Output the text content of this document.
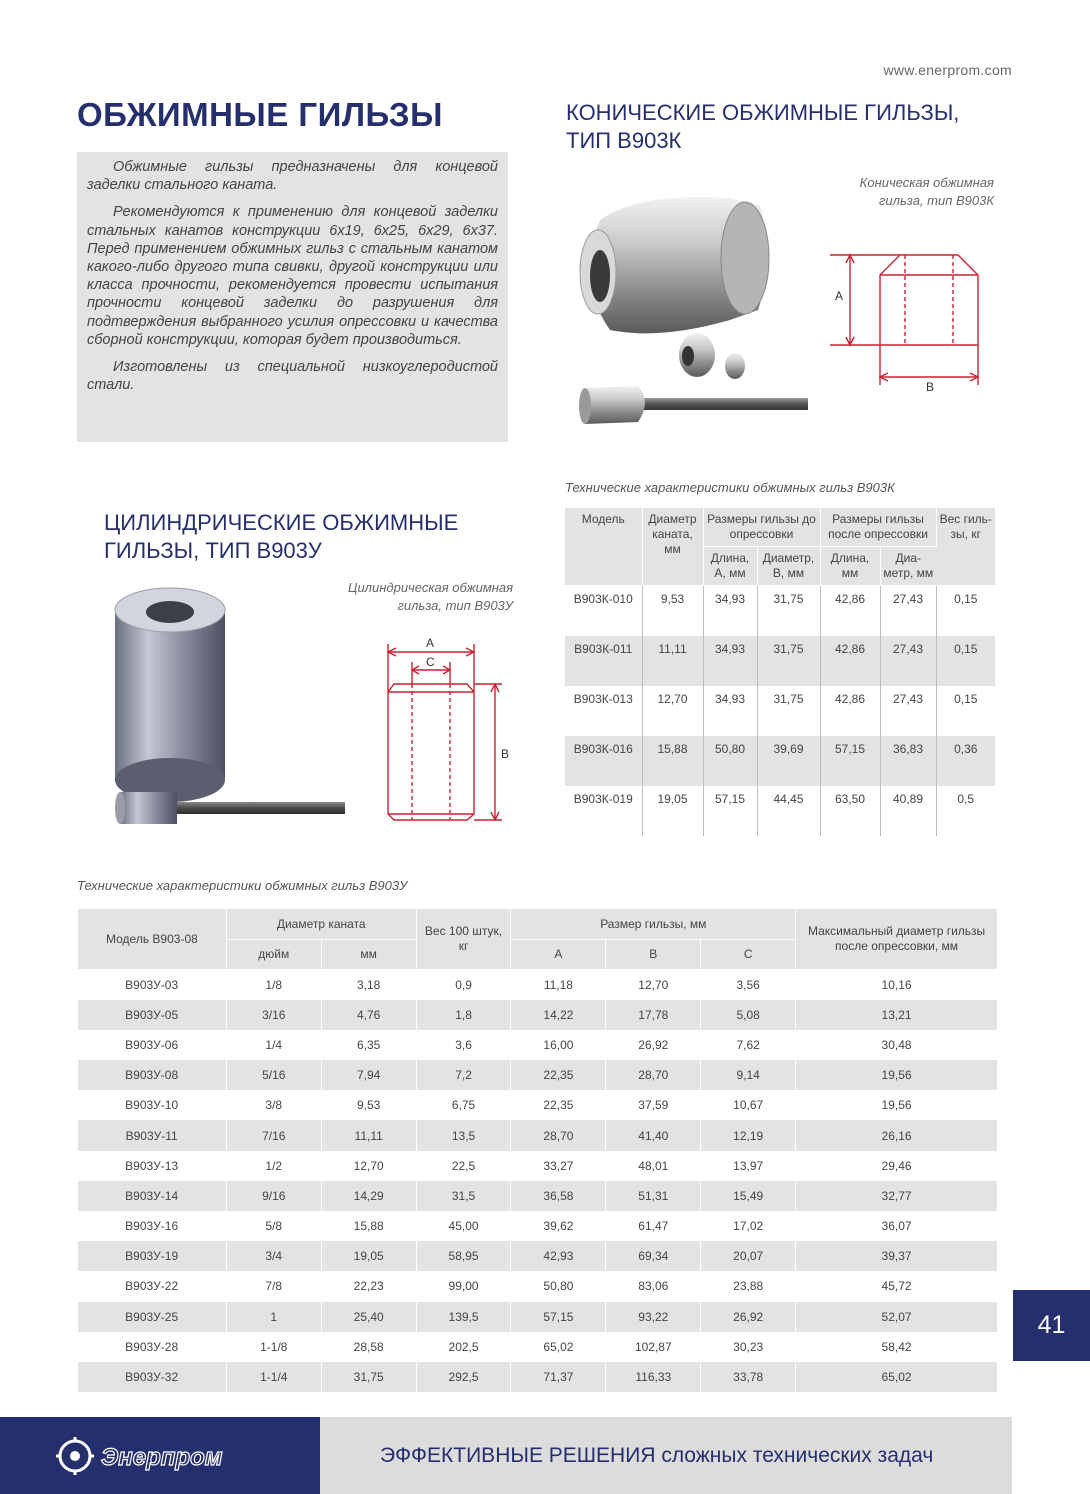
www.enerprom.com
ОБЖИМНЫЕ ГИЛЬЗЫ

Обжимные гильзы предназначены для концевой заделки стального каната.

Рекомендуются к применению для концевой заделки стальных канатов конструкции 6х19, 6х25, 6х29, 6х37. Перед применением обжимных гильз с стальным канатом какого-либо другого типа свивки, другой конструкции или класса прочности, рекомендуется провести испытания прочности концевой заделки до разрушения для подтверждения выбранного усилия опрессовки и качества сборной конструкции, которая будет производиться.

Изготовлены из специальной низкоуглеродистой стали.

КОНИЧЕСКИЕ ОБЖИМНЫЕ ГИЛЬЗЫ,
ТИП В903К
Коническая обжимная
гильза, тип В903К
A
B
ЦИЛИНДРИЧЕСКИЕ ОБЖИМНЫЕ
ГИЛЬЗЫ, ТИП В903У
Цилиндрическая обжимная
гильза, тип В903У
A
C
B
Технические характеристики обжимных гильз В903К
Модель	Диаметр каната, мм	Размеры гильзы до опрессовки		Размеры гильзы после опрессовки		Вес гильзы, кг
		Длина, А, мм	Диаметр, В, мм	Длина, мм	Диаметр, мм	
В903К-010	9,53	34,93	31,75	42,86	27,43	0,15
В903К-011	11,11	34,93	31,75	42,86	27,43	0,15
В903К-013	12,70	34,93	31,75	42,86	27,43	0,15
В903К-016	15,88	50,80	39,69	57,15	36,83	0,36
В903К-019	19,05	57,15	44,45	63,50	40,89	0,5
Технические характеристики обжимных гильз В903У
Модель В903-08	Диаметр каната		Вес 100 штук, кг	Размер гильзы, мм			Максимальный диаметр гильзы после опрессовки, мм
	дюйм	мм		A	B	C	
В903У-03	1/8	3,18	0,9	11,18	12,70	3,56	10,16
В903У-05	3/16	4,76	1,8	14,22	17,78	5,08	13,21
В903У-06	1/4	6,35	3,6	16,00	26,92	7,62	30,48
В903У-08	5/16	7,94	7,2	22,35	28,70	9,14	19,56
В903У-10	3/8	9,53	6,75	22,35	37,59	10,67	19,56
В903У-11	7/16	11,11	13,5	28,70	41,40	12,19	26,16
В903У-13	1/2	12,70	22,5	33,27	48,01	13,97	29,46
В903У-14	9/16	14,29	31,5	36,58	51,31	15,49	32,77
В903У-16	5/8	15,88	45,00	39,62	61,47	17,02	36,07
В903У-19	3/4	19,05	58,95	42,93	69,34	20,07	39,37
В903У-22	7/8	22,23	99,00	50,80	83,06	23,88	45,72
В903У-25	1	25,40	139,5	57,15	93,22	26,92	52,07
В903У-28	1-1/8	28,58	202,5	65,02	102,87	30,23	58,42
В903У-32	1-1/4	31,75	292,5	71,37	116,33	33,78	65,02
41
Энерпром	ЭФФЕКТИВНЫЕ РЕШЕНИЯ сложных технических задач
